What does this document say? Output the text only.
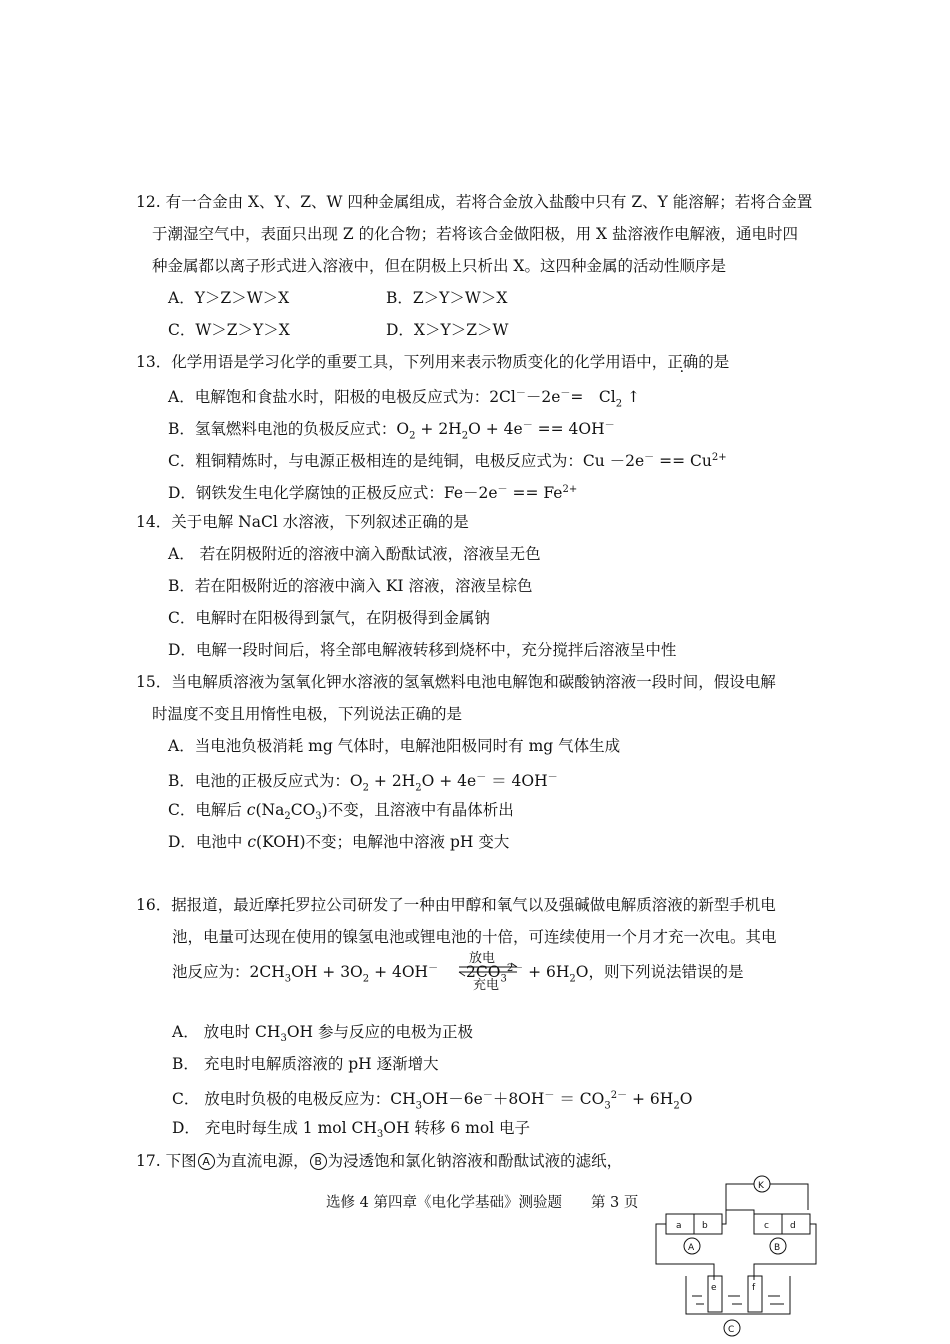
12. 有一合金由 X、Y、Z、W 四种金属组成，若将合金放入盐酸中只有 Z、Y 能溶解；若将合金置
于潮湿空气中，表面只出现 Z 的化合物；若将该合金做阳极，用 X 盐溶液作电解液，通电时四
种金属都以离子形式进入溶液中，但在阴极上只析出 X。这四种金属的活动性顺序是
A．Y＞Z＞W＞X	B．Z＞Y＞W＞X
C．W＞Z＞Y＞X	D．X＞Y＞Z＞W
13．化学用语是学习化学的重要工具，下列用来表示物质变化的化学用语中，正确的是
A．电解饱和食盐水时，阳极的电极反应式为：2Cl－－2e－=　$Cl_2$ ↑
B．氢氧燃料电池的负极反应式：$O_2 + 2H_2O + 4e^- == 4OH^-$
C．粗铜精炼时，与电源正极相连的是纯铜，电极反应式为：$Cu -2e^- == Cu^{2+}$
D．钢铁发生电化学腐蚀的正极反应式：$Fe-2e^- == Fe^{2+}$
14．关于电解 NaCl 水溶液，下列叙述正确的是
A． 若在阴极附近的溶液中滴入酚酞试液，溶液呈无色
B．若在阳极附近的溶液中滴入 KI 溶液，溶液呈棕色
C．电解时在阳极得到氯气，在阴极得到金属钠
D．电解一段时间后，将全部电解液转移到烧杯中，充分搅拌后溶液呈中性
15．当电解质溶液为氢氧化钾水溶液的氢氧燃料电池电解饱和碳酸钠溶液一段时间，假设电解
时温度不变且用惰性电极，下列说法正确的是
A．当电池负极消耗 mg 气体时，电解池阳极同时有 mg 气体生成
B．电池的正极反应式为：$O_2 + 2H_2O + 4e^- = 4OH^-$
C．电解后 $c(Na_2CO_3)$不变，且溶液中有晶体析出
D．电池中 c(KOH)不变；电解池中溶液 pH 变大
16．据报道，最近摩托罗拉公司研发了一种由甲醇和氧气以及强碱做电解质溶液的新型手机电
池，电量可达现在使用的镍氢电池或锂电池的十倍，可连续使用一个月才充一次电。其电
池反应为：$2CH_3OH + 3O_2 + 4OH^-$
放电
充电
$2CO_3^{2-} + 6H_2O$，则下列说法错误的是
A． 放电时 $CH_3OH$ 参与反应的电极为正极
B． 充电时电解质溶液的 pH 逐渐增大
C． 放电时负极的电极反应为：$CH_3OH-6e^-+8OH^- = CO_3^{2-} + 6H_2O$
D． 充电时每生成 1 mol $CH_3OH$ 转移 6 mol 电子
17. 下图 A 为直流电源， B 为浸透饱和氯化钠溶液和酚酞试液的滤纸，
选修 4 第四章《电化学基础》测验题　　第 3 页
K
a b	c d
A	B
e	f
C
